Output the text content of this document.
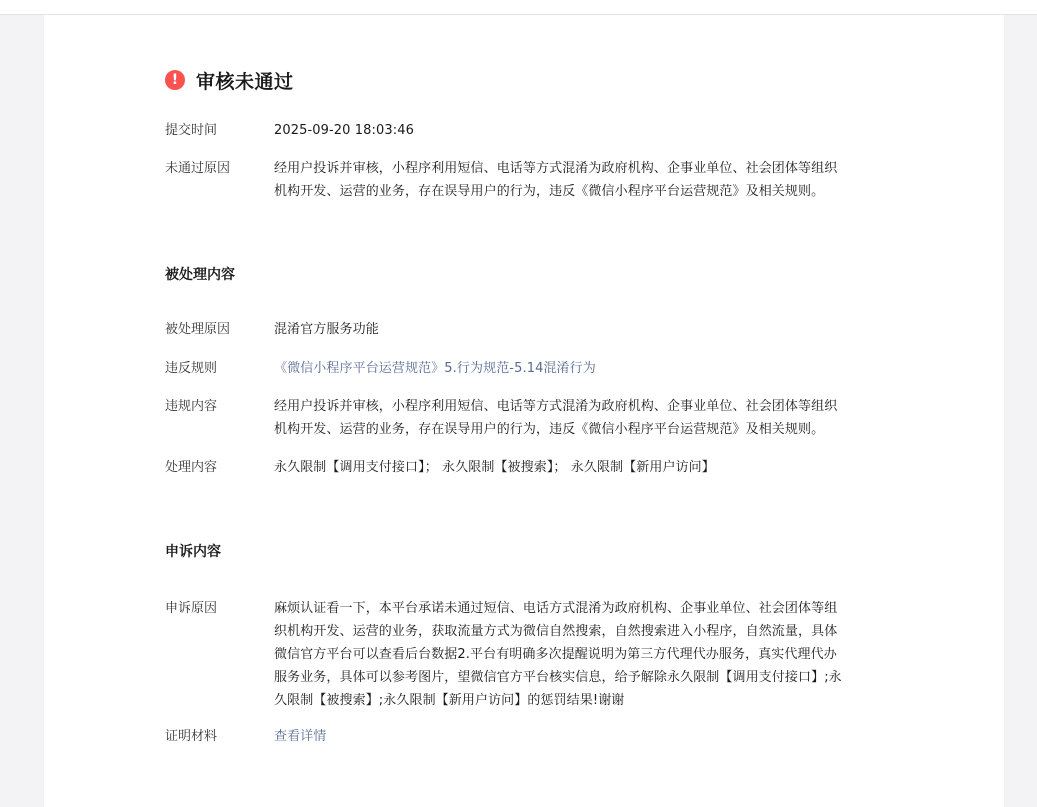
! 审核未通过
提交时间	2025-09-20 18:03:46
未通过原因	经用户投诉并审核，小程序利用短信、电话等方式混淆为政府机构、企事业单位、社会团体等组织
机构开发、运营的业务，存在误导用户的行为，违反《微信小程序平台运营规范》及相关规则。
被处理内容
被处理原因	混淆官方服务功能
违反规则	《微信小程序平台运营规范》5.行为规范-5.14混淆行为
违规内容	经用户投诉并审核，小程序利用短信、电话等方式混淆为政府机构、企事业单位、社会团体等组织
机构开发、运营的业务，存在误导用户的行为，违反《微信小程序平台运营规范》及相关规则。
处理内容	永久限制【调用支付接口】； 永久限制【被搜索】； 永久限制【新用户访问】
申诉内容
申诉原因	麻烦认证看一下，本平台承诺未通过短信、电话方式混淆为政府机构、企事业单位、社会团体等组
织机构开发、运营的业务，获取流量方式为微信自然搜索，自然搜索进入小程序，自然流量，具体
微信官方平台可以查看后台数据2.平台有明确多次提醒说明为第三方代理代办服务，真实代理代办
服务业务，具体可以参考图片，望微信官方平台核实信息，给予解除永久限制【调用支付接口】;永
久限制【被搜索】;永久限制【新用户访问】的惩罚结果!谢谢
证明材料	查看详情
